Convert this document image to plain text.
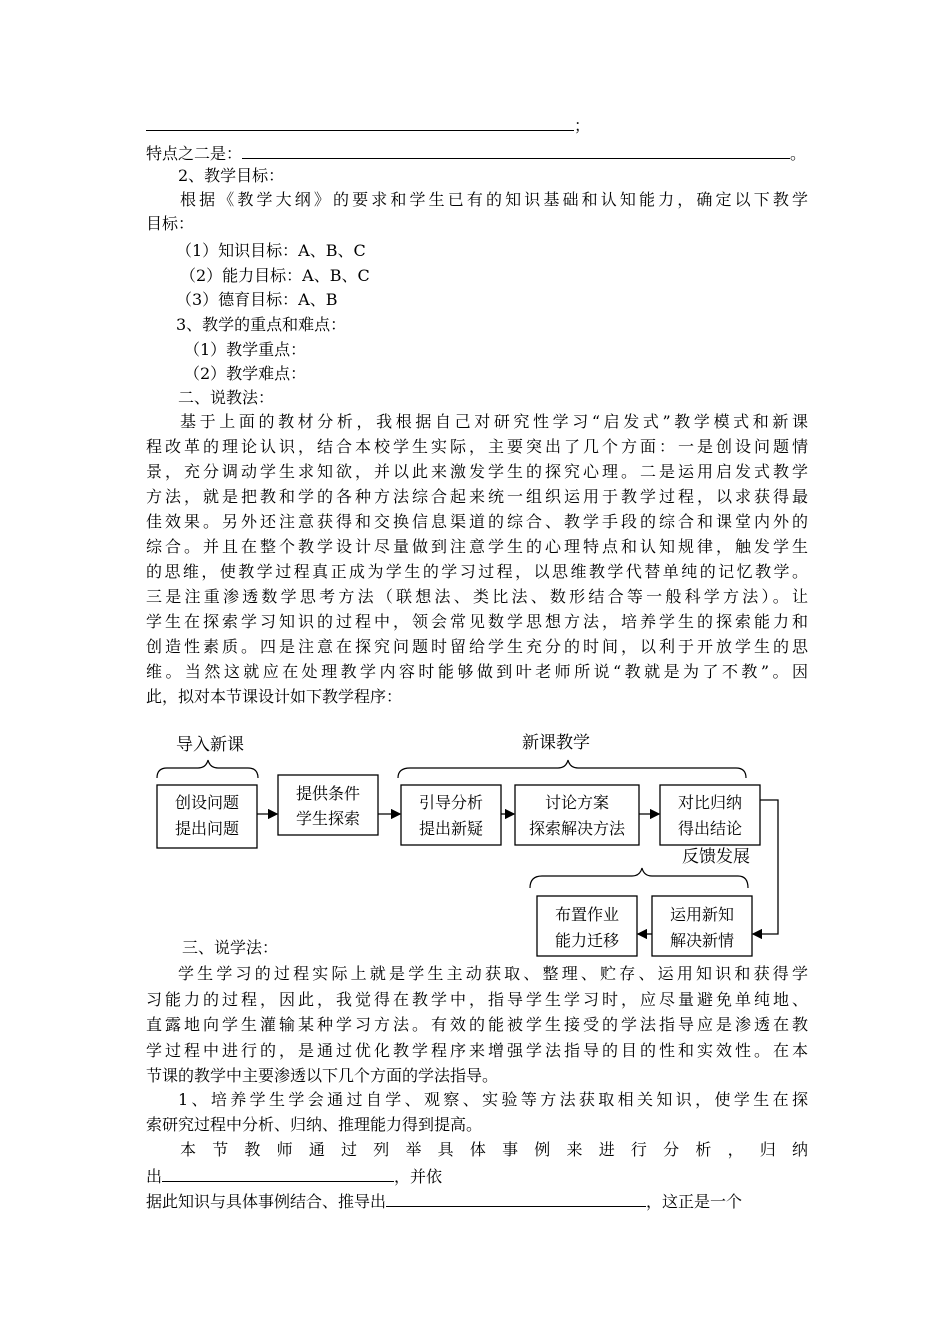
；
特点之二是：	。
2、教学目标：
根据《教学大纲》的要求和学生已有的知识基础和认知能力，确定以下教学
目标：
（1）知识目标：A、B、C
（2）能力目标：A、B、C
（3）德育目标：A、B
3、教学的重点和难点：
（1）教学重点：
（2）教学难点：
二、说教法：
基于上面的教材分析，我根据自己对研究性学习“启发式”教学模式和新课
程改革的理论认识，结合本校学生实际，主要突出了几个方面：一是创设问题情
景，充分调动学生求知欲，并以此来激发学生的探究心理。二是运用启发式教学
方法，就是把教和学的各种方法综合起来统一组织运用于教学过程，以求获得最
佳效果。另外还注意获得和交换信息渠道的综合、教学手段的综合和课堂内外的
综合。并且在整个教学设计尽量做到注意学生的心理特点和认知规律，触发学生
的思维，使教学过程真正成为学生的学习过程，以思维教学代替单纯的记忆教学。
三是注重渗透数学思考方法（联想法、类比法、数形结合等一般科学方法）。让
学生在探索学习知识的过程中，领会常见数学思想方法，培养学生的探索能力和
创造性素质。四是注意在探究问题时留给学生充分的时间，以利于开放学生的思
维。当然这就应在处理教学内容时能够做到叶老师所说“教就是为了不教”。因
此，拟对本节课设计如下教学程序：
导入新课	新课教学
反馈发展
创设问题
提出问题
提供条件
学生探索
引导分析
提出新疑
讨论方案
探索解决方法
对比归纳
得出结论
运用新知
解决新情
布置作业
能力迁移
三、说学法：
学生学习的过程实际上就是学生主动获取、整理、贮存、运用知识和获得学
习能力的过程，因此，我觉得在教学中，指导学生学习时，应尽量避免单纯地、
直露地向学生灌输某种学习方法。有效的能被学生接受的学法指导应是渗透在教
学过程中进行的，是通过优化教学程序来增强学法指导的目的性和实效性。在本
节课的教学中主要渗透以下几个方面的学法指导。
1、培养学生学会通过自学、观察、实验等方法获取相关知识，使学生在探
索研究过程中分析、归纳、推理能力得到提高。
本节教师通过列举具体事例来进行分析，归纳
出	，并依
据此知识与具体事例结合、推导出	，这正是一个
